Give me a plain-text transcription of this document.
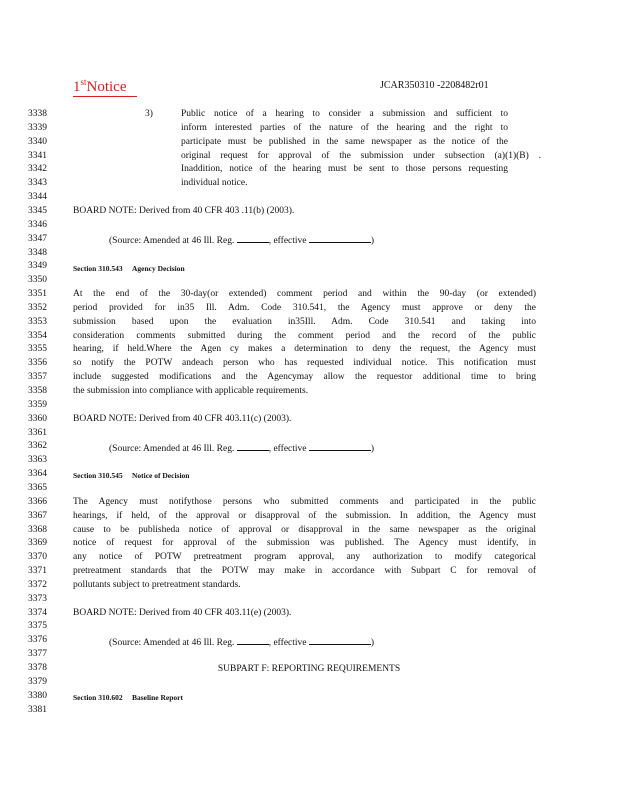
1stNotice	JCAR350310 -2208482r01
3338
3339
3340
3341
3342
3343
3344
3345
3346
3347
3348
3349
3350
3351
3352
3353
3354
3355
3356
3357
3358
3359
3360
3361
3362
3363
3364
3365
3366
3367
3368
3369
3370
3371
3372
3373
3374
3375
3376
3377
3378
3379
3380
3381
3)	Public notice of a hearing to consider a submission and sufficient to
inform interested parties of the nature of the hearing and the right to
participate must be published in the same newspaper as the notice of the
original request for approval of the submission under subsection (a)(1)(B) .
Inaddition, notice of the hearing must be sent to those persons requesting
individual notice.
BOARD NOTE: Derived from 40 CFR 403 .11(b) (2003).
(Source: Amended at 46 Ill. Reg.	, effective	)
Section 310.543 Agency Decision
At the end of the 30-day(or extended) comment period and within the 90-day (or extended)
period provided for in35 Ill. Adm. Code 310.541, the Agency must approve or deny the
submission based upon the evaluation in35Ill. Adm. Code 310.541 and taking into
consideration comments submitted during the comment period and the record of the public
hearing, if held.Where the Agen cy makes a determination to deny the request, the Agency must
so notify the POTW andeach person who has requested individual notice. This notification must
include suggested modifications and the Agencymay allow the requestor additional time to bring
the submission into compliance with applicable requirements.
BOARD NOTE: Derived from 40 CFR 403.11(c) (2003).
(Source: Amended at 46 Ill. Reg.	, effective	)
Section 310.545 Notice of Decision
The Agency must notifythose persons who submitted comments and participated in the public
hearings, if held, of the approval or disapproval of the submission. In addition, the Agency must
cause to be publisheda notice of approval or disapproval in the same newspaper as the original
notice of request for approval of the submission was published. The Agency must identify, in
any notice of POTW pretreatment program approval, any authorization to modify categorical
pretreatment standards that the POTW may make in accordance with Subpart C for removal of
pollutants subject to pretreatment standards.
BOARD NOTE: Derived from 40 CFR 403.11(e) (2003).
(Source: Amended at 46 Ill. Reg.	, effective	)
SUBPART F: REPORTING REQUIREMENTS
Section 310.602 Baseline Report
